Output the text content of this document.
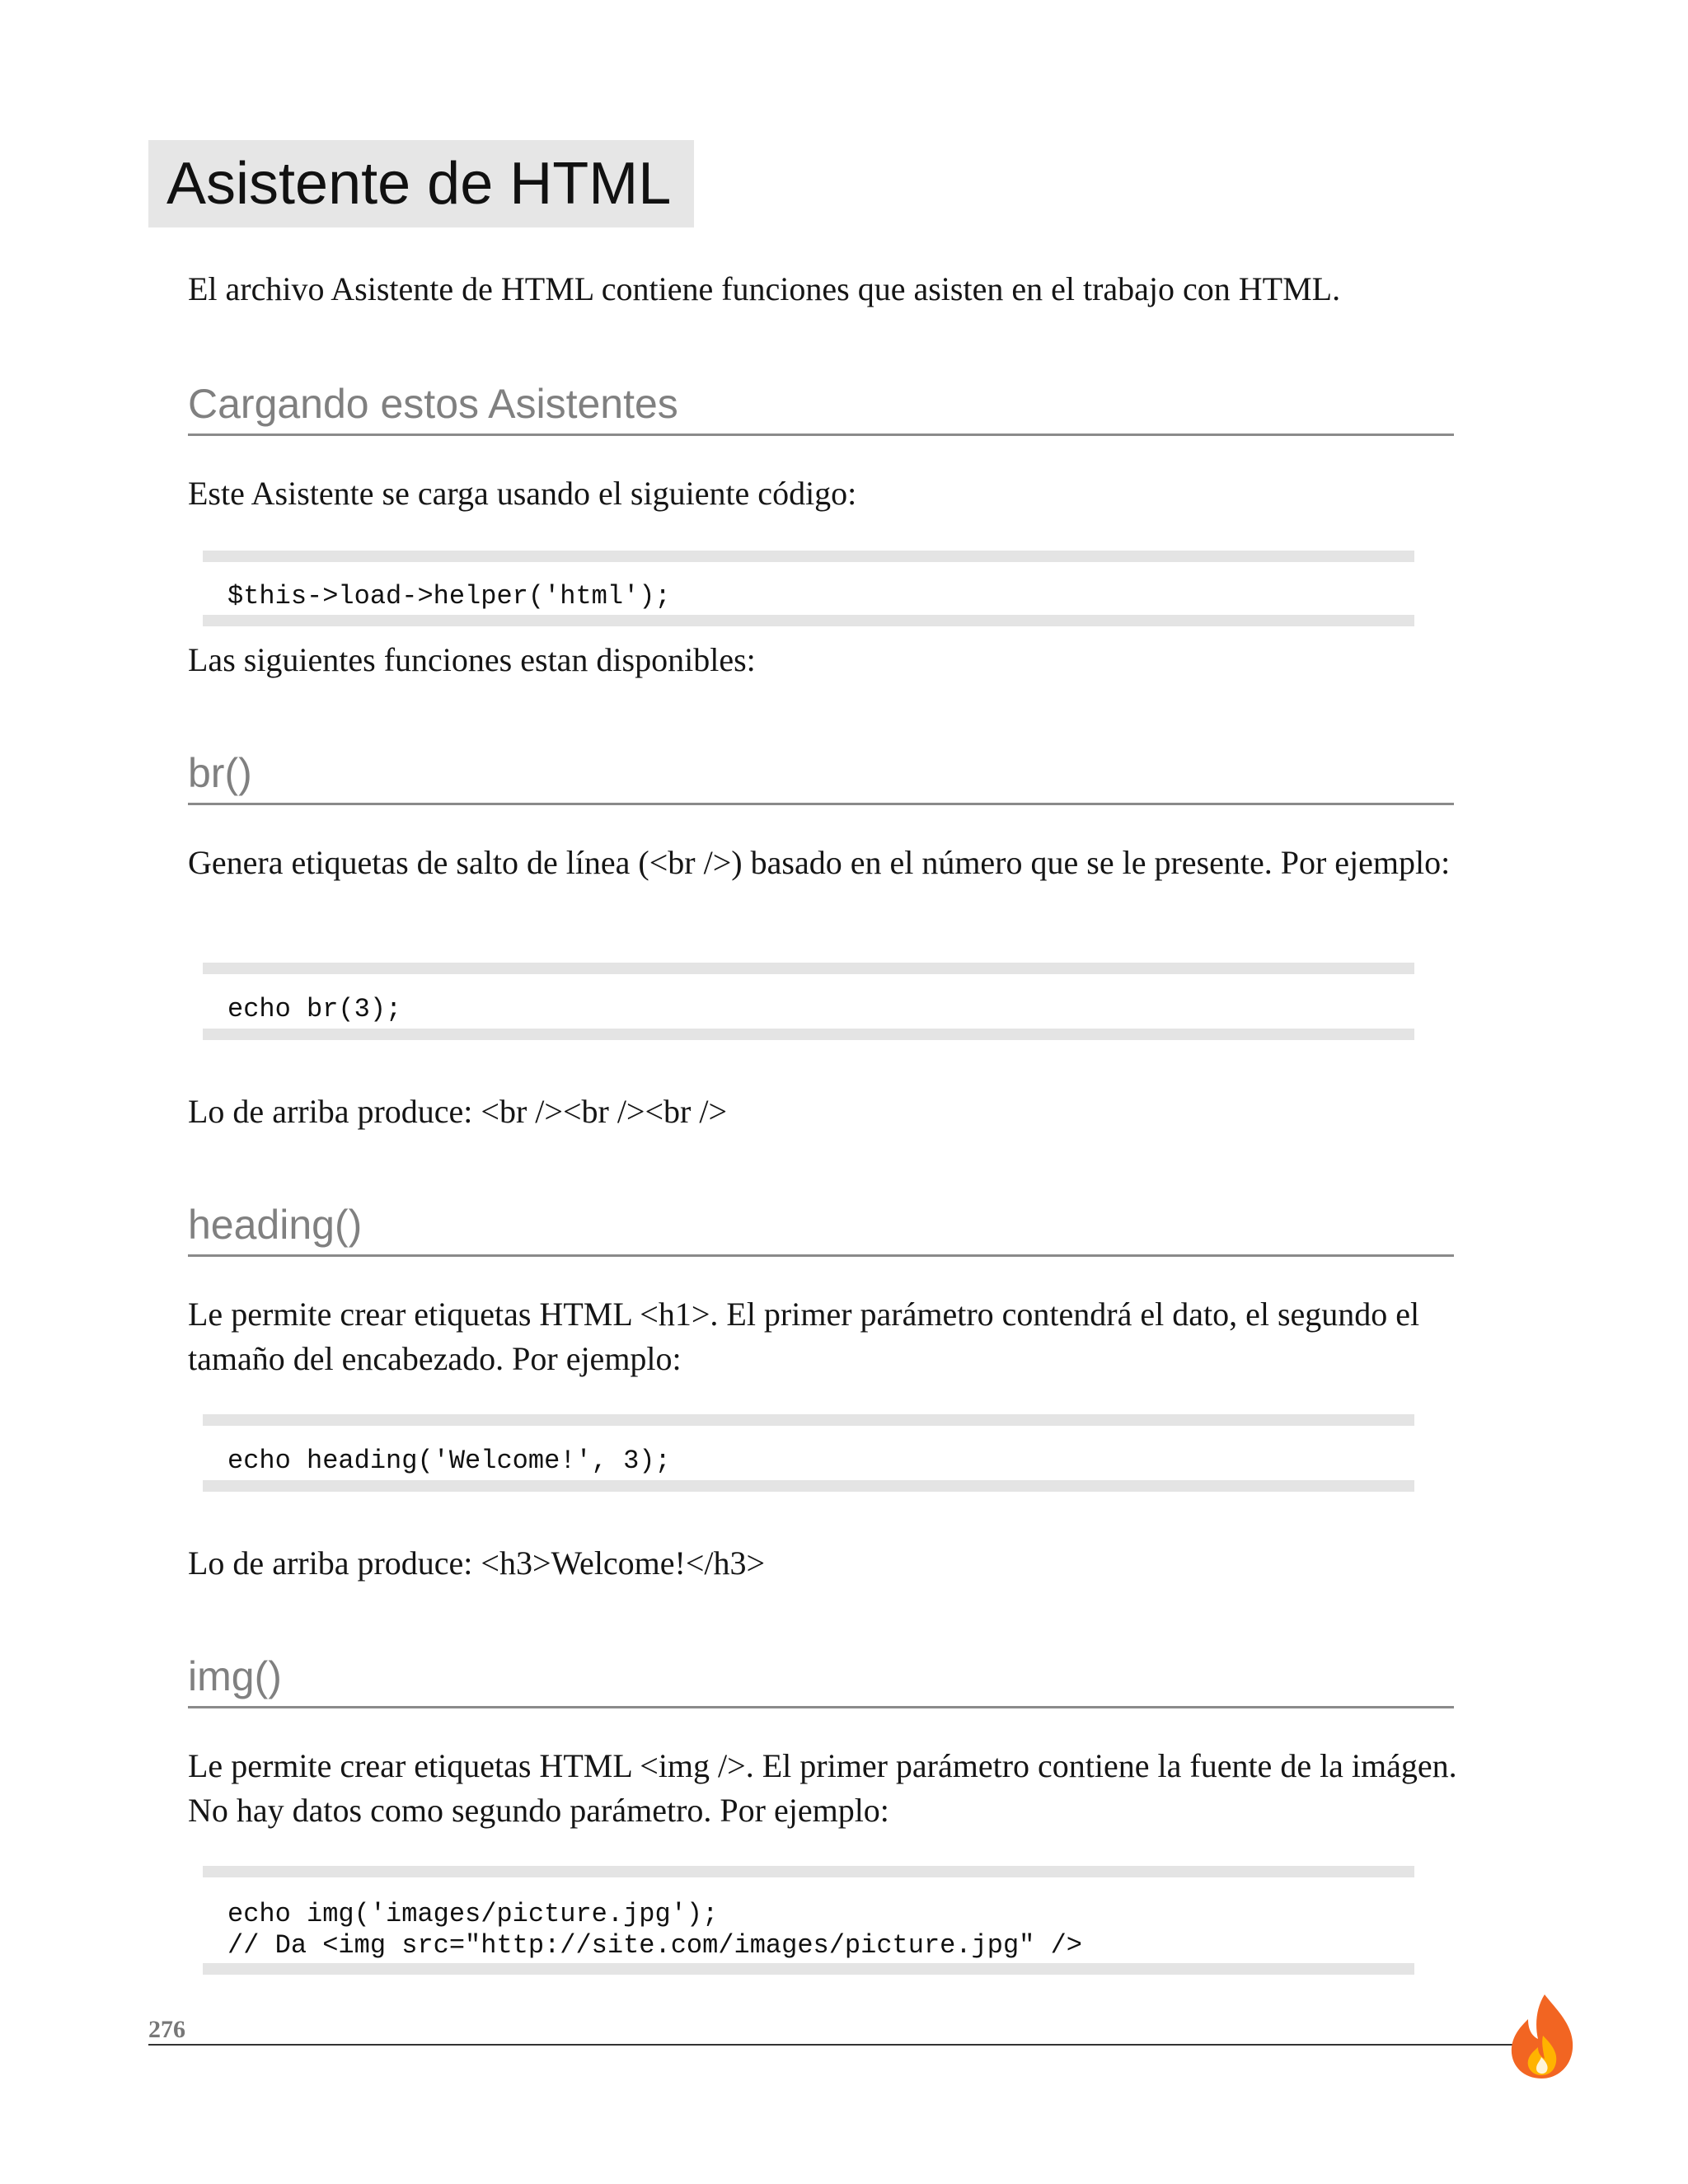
Asistente de HTML
El archivo Asistente de HTML contiene funciones que asisten en el trabajo con HTML.
Cargando estos Asistentes
Este Asistente se carga usando el siguiente código:
$this->load->helper('html');
Las siguientes funciones estan disponibles:
br()
Genera etiquetas de salto de línea (<br />) basado en el número que se le presente. Por ejemplo:
echo br(3);
Lo de arriba produce: <br /><br /><br />
heading()
Le permite crear etiquetas HTML <h1>. El primer parámetro contendrá el dato, el segundo el tamaño del encabezado. Por ejemplo:
echo heading('Welcome!', 3);
Lo de arriba produce: <h3>Welcome!</h3>
img()
Le permite crear etiquetas HTML <img />. El primer parámetro contiene la fuente de la imágen. No hay datos como segundo parámetro. Por ejemplo:
echo img('images/picture.jpg');
// Da <img src="http://site.com/images/picture.jpg" />
276
